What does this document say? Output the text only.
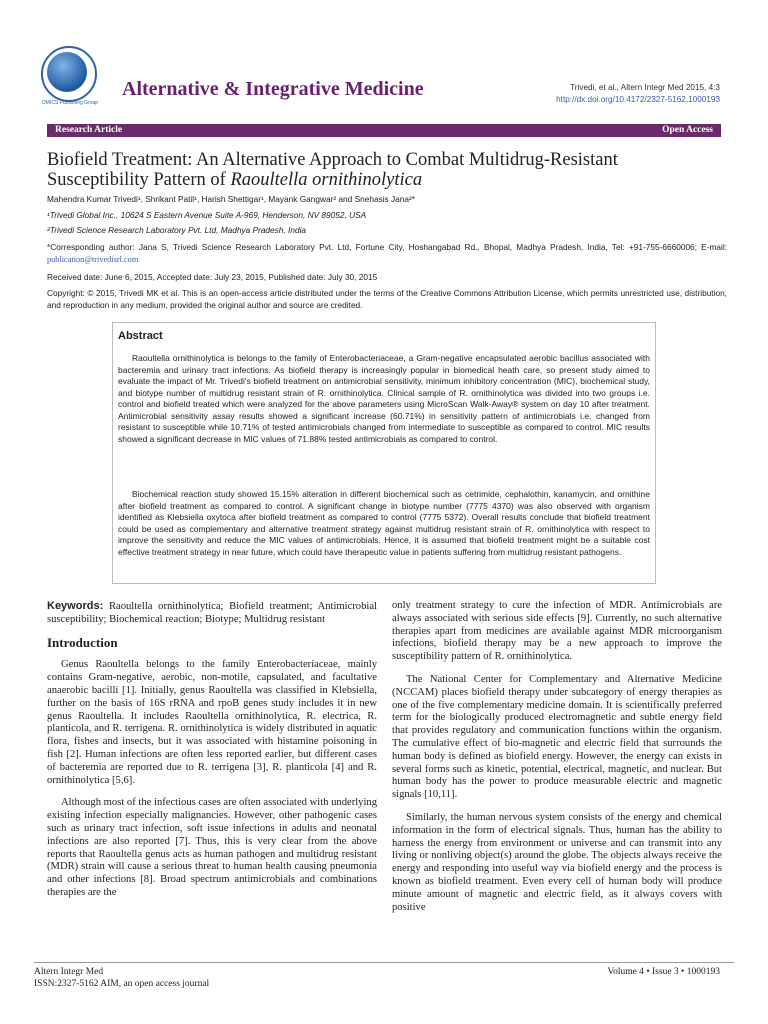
OMICS Publishing Group
Alternative & Integrative Medicine	Trivedi, et al., Altern Integr Med 2015, 4:3
http://dx.doi.org/10.4172/2327-5162.1000193
Research Article	Open Access
Biofield Treatment: An Alternative Approach to Combat Multidrug-Resistant
Susceptibility Pattern of Raoultella ornithinolytica
Mahendra Kumar Trivedi¹, Shrikant Patil¹, Harish Shettigar¹, Mayank Gangwar² and Snehasis Jana²*
¹Trivedi Global Inc., 10624 S Eastern Avenue Suite A-969, Henderson, NV 89052, USA
²Trivedi Science Research Laboratory Pvt. Ltd, Madhya Pradesh, India
*Corresponding author: Jana S, Trivedi Science Research Laboratory Pvt. Ltd, Fortune City, Hoshangabad Rd., Bhopal, Madhya Pradesh, India, Tel: +91-755-6660006; E-mail: publication@trivedisrl.com
Received date: June 6, 2015, Accepted date: July 23, 2015, Published date: July 30, 2015
Copyright: © 2015, Trivedi MK et al. This is an open-access article distributed under the terms of the Creative Commons Attribution License, which permits unrestricted use, distribution, and reproduction in any medium, provided the original author and source are credited.
Abstract

Raoultella ornithinolytica is belongs to the family of Enterobacteriaceae, a Gram-negative encapsulated aerobic bacillus associated with bacteremia and urinary tract infections. As biofield therapy is increasingly popular in biomedical heath care, so present study aimed to evaluate the impact of Mr. Trivedi's biofield treatment on antimicrobial sensitivity, minimum inhibitory concentration (MIC), biochemical study, and biotype number of multidrug resistant strain of R. ornithinolytica. Clinical sample of R. ornithinolytica was divided into two groups i.e. control and biofield treated which were analyzed for the above parameters using MicroScan Walk-Away® system on day 10 after treatment. Antimicrobial sensitivity assay results showed a significant increase (60.71%) in sensitivity pattern of antimicrobials i.e. changed from resistant to susceptible while 10.71% of tested antimicrobials changed from intermediate to susceptible as compared to control. MIC results showed a significant decrease in MIC values of 71.88% tested antimicrobials as compared to control.

Biochemical reaction study showed 15.15% alteration in different biochemical such as cetrimide, cephalothin, kanamycin, and ornithine after biofield treatment as compared to control. A significant change in biotype number (7775 4370) was also observed with organism identified as Klebsiella oxytoca after biofield treatment as compared to control (7775 5372). Overall results conclude that biofield treatment could be used as complementary and alternative treatment strategy against multidrug resistant strain of R. ornithinolytica with respect to improve the sensitivity and reduce the MIC values of antimicrobials. Hence, it is assumed that biofield treatment might be a suitable cost effective treatment strategy in near future, which could have therapeutic value in patients suffering from multidrug resistant pathogens.

Keywords: Raoultella ornithinolytica; Biofield treatment; Antimicrobial susceptibility; Biochemical reaction; Biotype; Multidrug resistant

Introduction

Genus Raoultella belongs to the family Enterobacteriaceae, mainly contains Gram-negative, aerobic, non-motile, capsulated, and facultative anaerobic bacilli [1]. Initially, genus Raoultella was classified in Klebsiella, further on the basis of 16S rRNA and rpoB genes study includes it in new genus Raoultella. It includes Raoultella ornithinolytica, R. electrica, R. planticola, and R. terrigena. R. ornithinolytica is widely distributed in aquatic flora, fishes and insects, but it was associated with histamine poisoning in fish [2]. Human infections are often less reported earlier, but different cases of bacteremia are reported due to R. terrigena [3], R. planticola [4] and R. ornithinolytica [5,6].

Although most of the infectious cases are often associated with underlying existing infection especially malignancies. However, other pathogenic cases such as urinary tract infection, soft issue infections in adults and neonatal infections are also reported [7]. Thus, this is very clear from the above reports that Raoultella genus acts as human pathogen and multidrug resistant (MDR) strain will cause a serious threat to human health causing pneumonia and other infections [8]. Broad spectrum antimicrobials and combinations therapies are the

only treatment strategy to cure the infection of MDR. Antimicrobials are always associated with serious side effects [9]. Currently, no such alternative therapies apart from medicines are available against MDR microorganism infections, biofield therapy may be a new approach to improve the susceptibility pattern of R. ornithinolytica.

The National Center for Complementary and Alternative Medicine (NCCAM) places biofield therapy under subcategory of energy therapies as one of the five complementary medicine domain. It is scientifically preferred term for the biologically produced electromagnetic and subtle energy field that provides regulatory and communication functions within the organism. The cumulative effect of bio-magnetic and electric field that surrounds the human body is defined as biofield energy. However, the energy can exists in several forms such as kinetic, potential, electrical, magnetic, and nuclear. But human body has the power to produce measurable electric and magnetic signals [10,11].

Similarly, the human nervous system consists of the energy and chemical information in the form of electrical signals. Thus, human has the ability to harness the energy from environment or universe and can transmit into any living or nonliving object(s) around the globe. The objects always receive the energy and responding into useful way via biofield energy and the process is known as biofield treatment. Even every cell of human body will produce minute amount of magnetic and electric field, as it always covers with positive

Altern Integr Med
ISSN:2327-5162 AIM, an open access journal
Volume 4 • Issue 3 • 1000193
